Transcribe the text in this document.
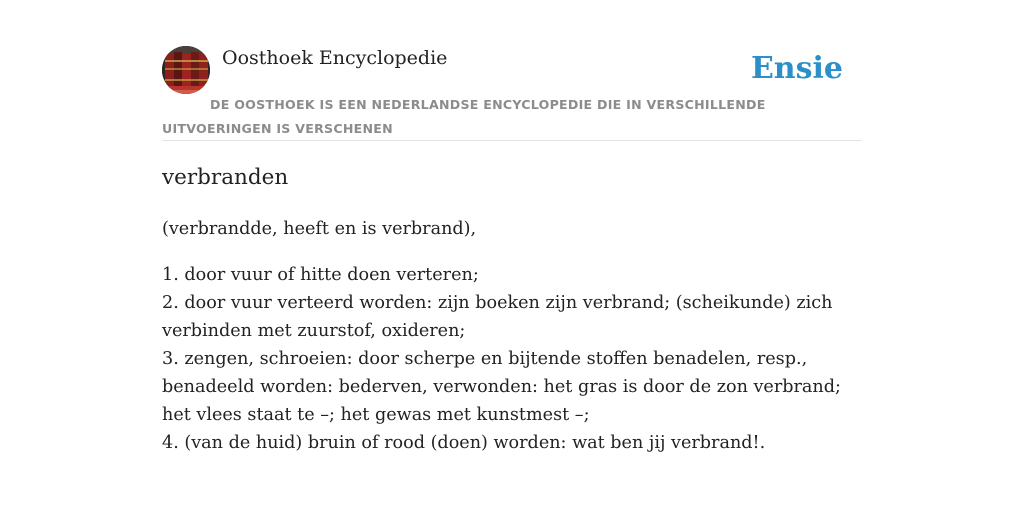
Oosthoek Encyclopedie	Ensie
DE OOSTHOEK IS EEN NEDERLANDSE ENCYCLOPEDIE DIE IN VERSCHILLENDE UITVOERINGEN IS VERSCHENEN
verbranden

(verbrandde, heeft en is verbrand),

1. door vuur of hitte doen verteren;
2. door vuur verteerd worden: zijn boeken zijn verbrand; (scheikunde) zich verbinden met zuurstof, oxideren;
3. zengen, schroeien: door scherpe en bijtende stoffen benadelen, resp., benadeeld worden: bederven, verwonden: het gras is door de zon verbrand; het vlees staat te –; het gewas met kunstmest –;
4. (van de huid) bruin of rood (doen) worden: wat ben jij verbrand!.
